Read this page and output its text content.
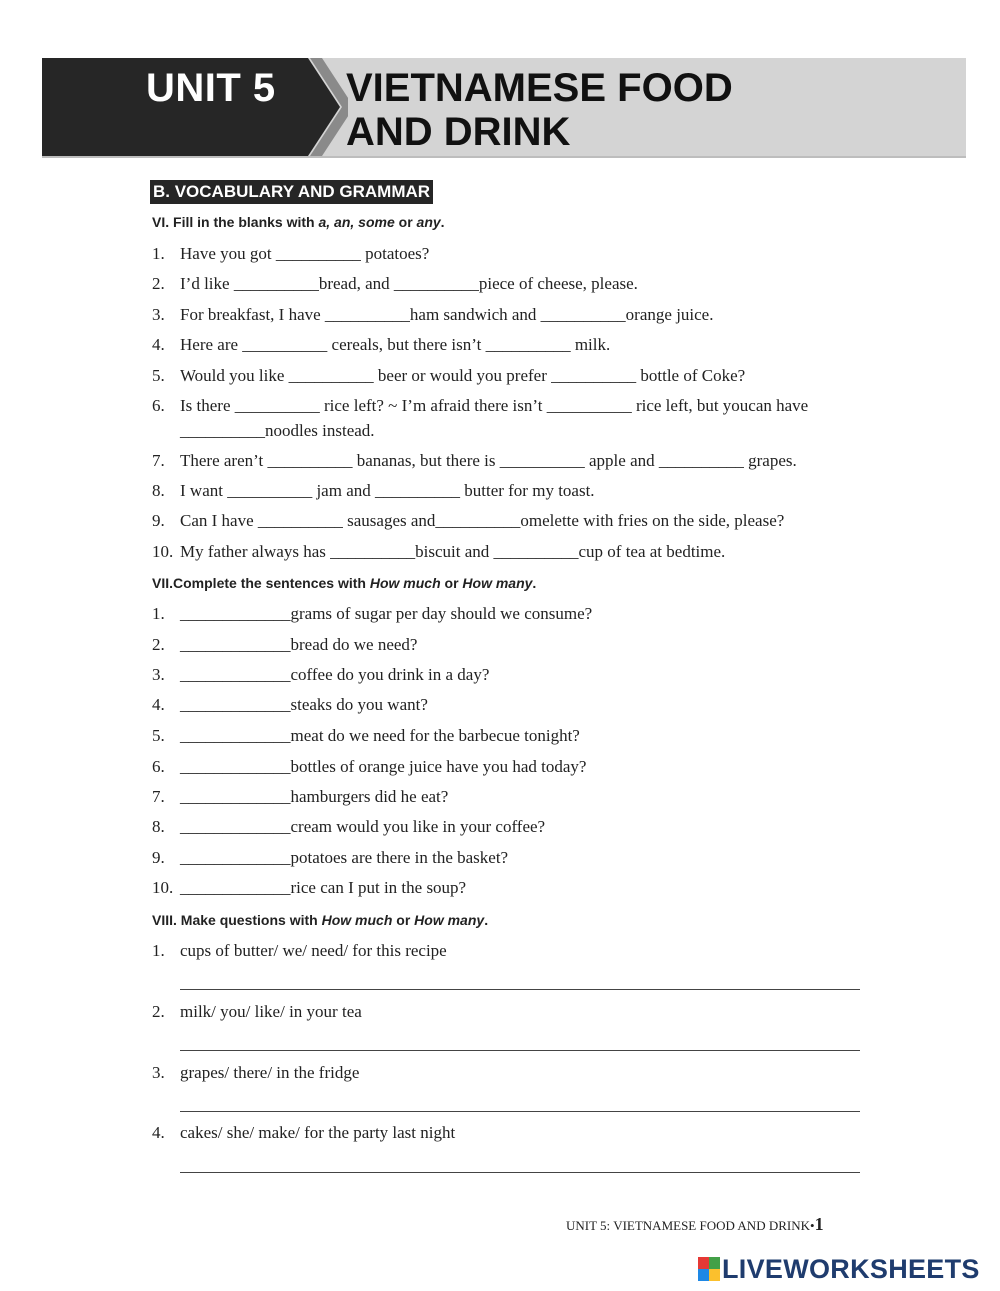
UNIT 5 VIETNAMESE FOOD
AND DRINK
B. VOCABULARY AND GRAMMAR
VI. Fill in the blanks with a, an, some or any.
1. Have you got __________ potatoes?
2. I’d like __________bread, and __________piece of cheese, please.
3. For breakfast, I have __________ham sandwich and __________orange juice.
4. Here are __________ cereals, but there isn’t __________ milk.
5. Would you like __________ beer or would you prefer __________ bottle of Coke?
6. Is there __________ rice left? ~ I’m afraid there isn’t __________ rice left, but youcan have
__________noodles instead.
7. There aren’t __________ bananas, but there is __________ apple and __________ grapes.
8. I want __________ jam and __________ butter for my toast.
9. Can I have __________ sausages and__________omelette with fries on the side, please?
10. My father always has __________biscuit and __________cup of tea at bedtime.
VII.Complete the sentences with How much or How many.
1. _____________grams of sugar per day should we consume?
2. _____________bread do we need?
3. _____________coffee do you drink in a day?
4. _____________steaks do you want?
5. _____________meat do we need for the barbecue tonight?
6. _____________bottles of orange juice have you had today?
7. _____________hamburgers did he eat?
8. _____________cream would you like in your coffee?
9. _____________potatoes are there in the basket?
10. _____________rice can I put in the soup?
VIII. Make questions with How much or How many.
1. cups of butter/ we/ need/ for this recipe
2. milk/ you/ like/ in your tea
3. grapes/ there/ in the fridge
4. cakes/ she/ make/ for the party last night
UNIT 5: VIETNAMESE FOOD AND DRINK•1
LIVEWORKSHEETS
